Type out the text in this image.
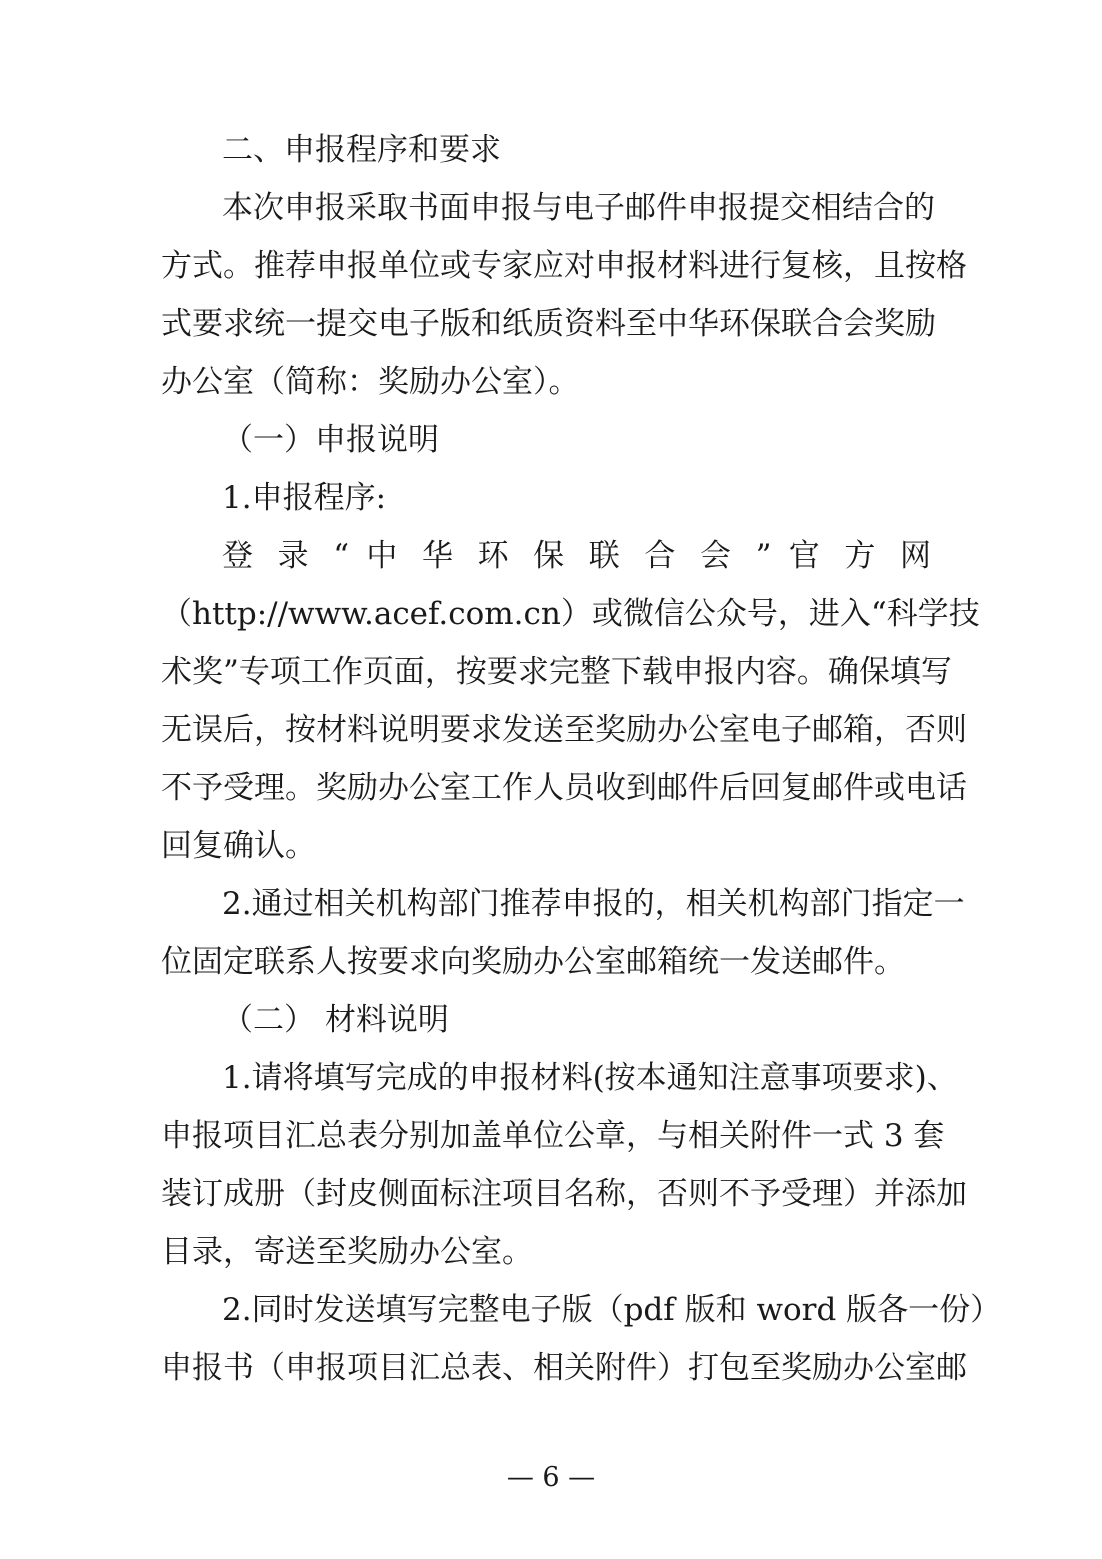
二、申报程序和要求
本次申报采取书面申报与电子邮件申报提交相结合的
方式。推荐申报单位或专家应对申报材料进行复核，且按格
式要求统一提交电子版和纸质资料至中华环保联合会奖励
办公室（简称：奖励办公室）。
（一）申报说明
1.申报程序:
登 录 “ 中 华 环 保 联 合 会 ” 官 方 网
（http://www.acef.com.cn）或微信公众号，进入“科学技
术奖”专项工作页面，按要求完整下载申报内容。确保填写
无误后，按材料说明要求发送至奖励办公室电子邮箱，否则
不予受理。奖励办公室工作人员收到邮件后回复邮件或电话
回复确认。
2.通过相关机构部门推荐申报的，相关机构部门指定一
位固定联系人按要求向奖励办公室邮箱统一发送邮件。
（二） 材料说明
1.请将填写完成的申报材料(按本通知注意事项要求)、
申报项目汇总表分别加盖单位公章，与相关附件一式 3 套
装订成册（封皮侧面标注项目名称，否则不予受理）并添加
目录，寄送至奖励办公室。
2.同时发送填写完整电子版（pdf 版和 word 版各一份）
申报书（申报项目汇总表、相关附件）打包至奖励办公室邮
— 6 —
